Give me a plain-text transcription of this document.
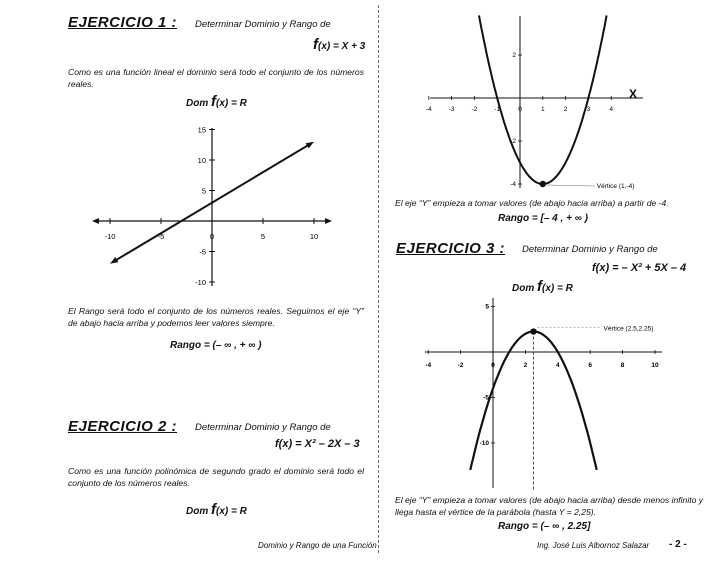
EJERCICIO 1 : Determinar Dominio y Rango de
f(x) = X + 3
Como es una función lineal el dominio será todo el conjunto de los números reales.
Dom f(x) = R
-10	-5	0	5	10
15
10
5
-5
-10
El Rango será todo el conjunto de los números reales. Seguimos el eje “Y” de abajo hacia arriba y podemos leer valores siempre.
Rango = (– ∞ , + ∞ )
EJERCICIO 2 : Determinar Dominio y Rango de
f(x) = X² – 2X – 3
Como es una función polinómica de segundo grado el dominio será todo el conjunto de los números reales.
Dom f(x) = R
Dominio y Rango de una Función
X
-4	-3	-2	-1	0	1	2	3	4
2
-2
-4	Vértice (1,-4)
El eje “Y” empieza a tomar valores (de abajo hacia arriba) a partir de -4.
Rango = [– 4 , + ∞ )
EJERCICIO 3 : Determinar Dominio y Rango de
f(x) = – X² + 5X – 4
Dom f(x) = R
-4	-2	0	2	4	6	8	10
5
-5
-10
Vértice (2.5,2.25)
El eje “Y” empieza a tomar valores (de abajo hacia arriba) desde menos infinito y llega hasta el vértice de la parábola (hasta Y = 2,25).
Rango = (– ∞ , 2.25]
Ing. José Luis Albornoz Salazar - 2 -
